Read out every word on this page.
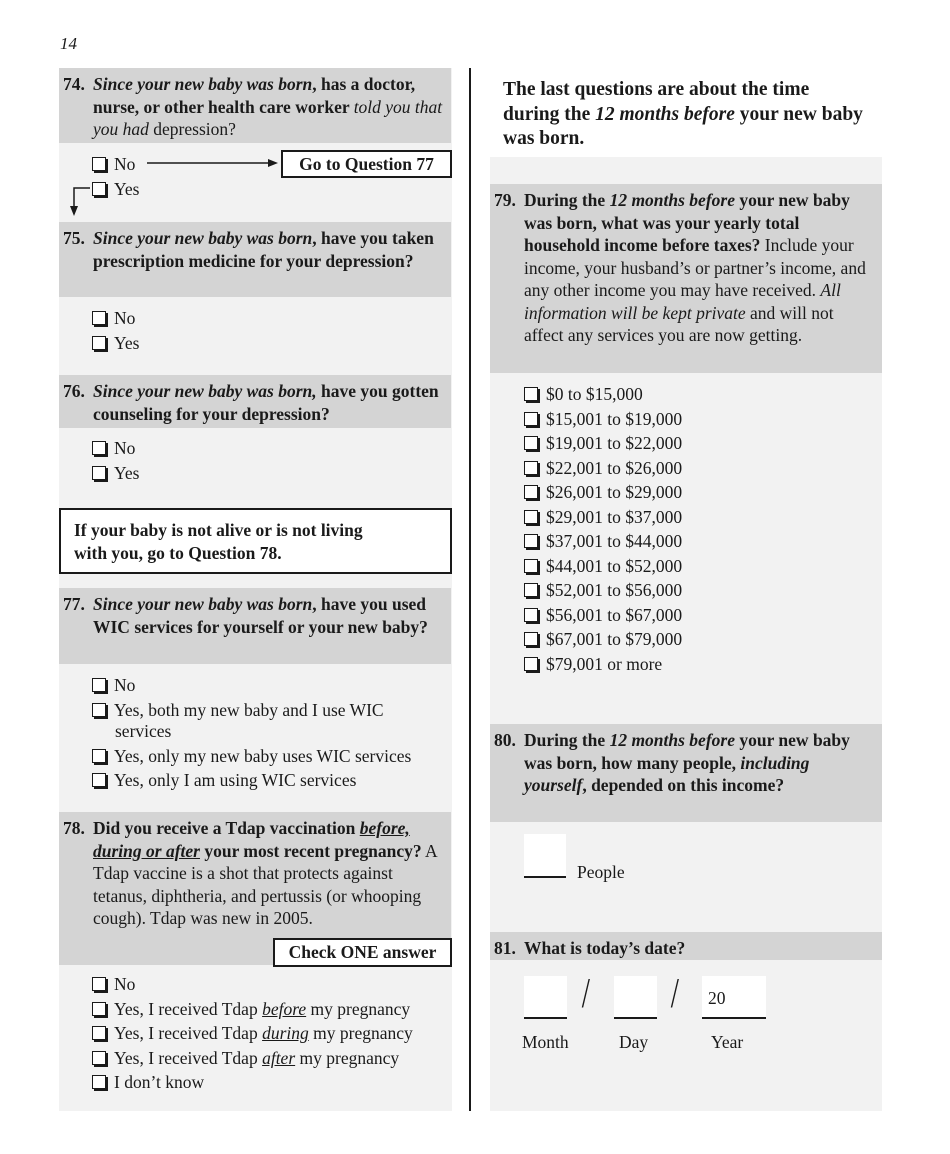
14
74. Since your new baby was born, has a doctor, nurse, or other health care worker told you that you had depression?
No
Yes
Go to Question 77
75. Since your new baby was born, have you taken prescription medicine for your depression?
No
Yes
76. Since your new baby was born, have you gotten counseling for your depression?
No
Yes
If your baby is not alive or is not living
with you, go to Question 78.
77. Since your new baby was born, have you used WIC services for yourself or your new baby?
No
Yes, both my new baby and I use WIC
services
Yes, only my new baby uses WIC services
Yes, only I am using WIC services
78. Did you receive a Tdap vaccination before, during or after your most recent pregnancy? A Tdap vaccine is a shot that protects against tetanus, diphtheria, and pertussis (or whooping cough). Tdap was new in 2005.
Check ONE answer
No
Yes, I received Tdap before my pregnancy
Yes, I received Tdap during my pregnancy
Yes, I received Tdap after my pregnancy
I don’t know
The last questions are about the time during the 12 months before your new baby was born.
79. During the 12 months before your new baby was born, what was your yearly total household income before taxes? Include your income, your husband’s or partner’s income, and any other income you may have received. All information will be kept private and will not affect any services you are now getting.
$0 to $15,000
$15,001 to $19,000
$19,001 to $22,000
$22,001 to $26,000
$26,001 to $29,000
$29,001 to $37,000
$37,001 to $44,000
$44,001 to $52,000
$52,001 to $56,000
$56,001 to $67,000
$67,001 to $79,000
$79,001 or more
80. During the 12 months before your new baby was born, how many people, including yourself, depended on this income?
People
81. What is today’s date?
20
/ /
Month	Day	Year
